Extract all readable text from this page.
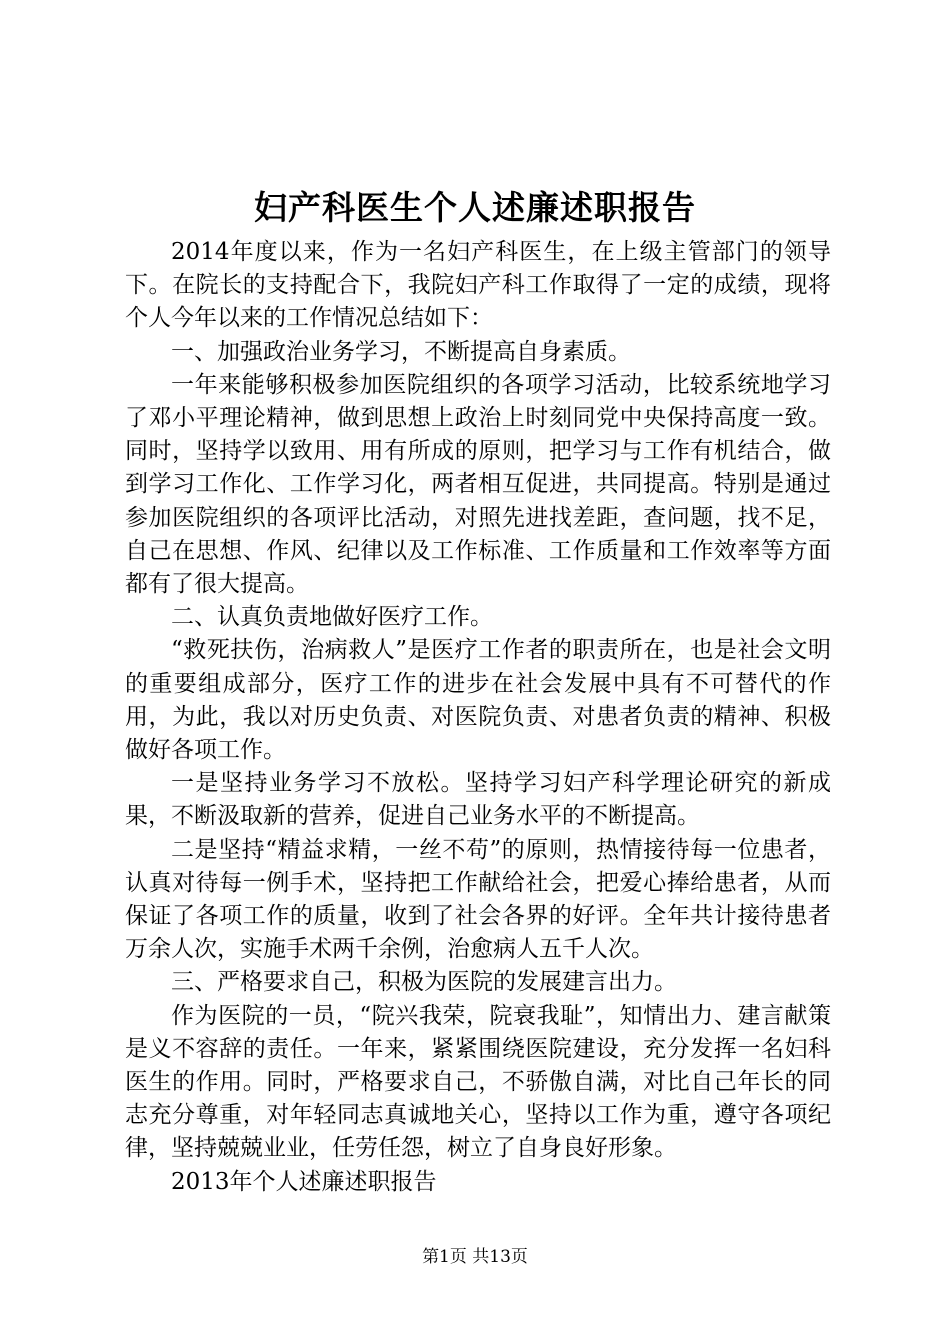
妇产科医生个人述廉述职报告

2014年度以来，作为一名妇产科医生，在上级主管部门的领导下。在院长的支持配合下，我院妇产科工作取得了一定的成绩，现将个人今年以来的工作情况总结如下：

一、加强政治业务学习，不断提高自身素质。

一年来能够积极参加医院组织的各项学习活动，比较系统地学习了邓小平理论精神，做到思想上政治上时刻同党中央保持高度一致。同时，坚持学以致用、用有所成的原则，把学习与工作有机结合，做到学习工作化、工作学习化，两者相互促进，共同提高。特别是通过参加医院组织的各项评比活动，对照先进找差距，查问题，找不足，自己在思想、作风、纪律以及工作标准、工作质量和工作效率等方面都有了很大提高。

二、认真负责地做好医疗工作。

“救死扶伤，治病救人”是医疗工作者的职责所在，也是社会文明的重要组成部分，医疗工作的进步在社会发展中具有不可替代的作用，为此，我以对历史负责、对医院负责、对患者负责的精神、积极做好各项工作。

一是坚持业务学习不放松。坚持学习妇产科学理论研究的新成果，不断汲取新的营养，促进自己业务水平的不断提高。

二是坚持“精益求精，一丝不苟”的原则，热情接待每一位患者，认真对待每一例手术，坚持把工作献给社会，把爱心捧给患者，从而保证了各项工作的质量，收到了社会各界的好评。全年共计接待患者万余人次，实施手术两千余例，治愈病人五千人次。

三、严格要求自己，积极为医院的发展建言出力。

作为医院的一员，“院兴我荣，院衰我耻”，知情出力、建言献策是义不容辞的责任。一年来，紧紧围绕医院建设，充分发挥一名妇科医生的作用。同时，严格要求自己，不骄傲自满，对比自己年长的同志充分尊重，对年轻同志真诚地关心，坚持以工作为重，遵守各项纪律，坚持兢兢业业，任劳任怨，树立了自身良好形象。

2013年个人述廉述职报告

第1页 共13页
